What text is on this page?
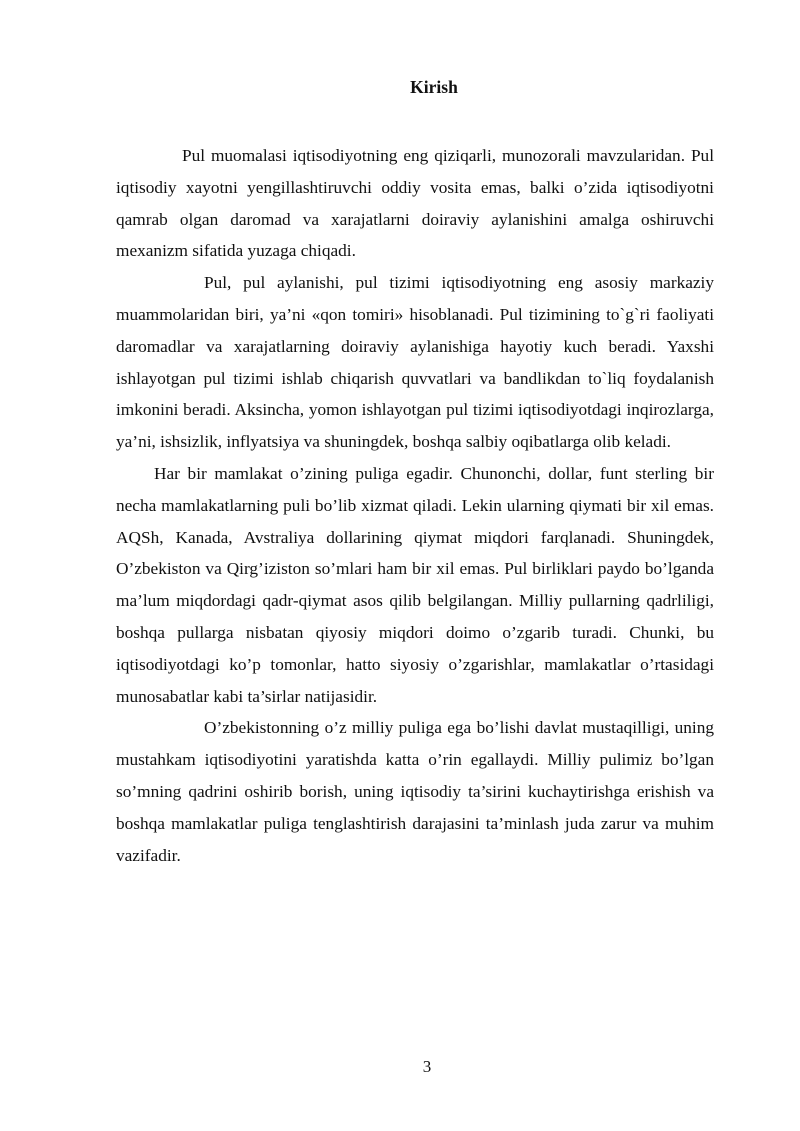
Kirish

Pul muomalasi iqtisodiyotning eng qiziqarli, munozorali mavzularidan. Pul iqtisodiy xayotni yengillashtiruvchi oddiy vosita emas, balki o’zida iqtisodiyotni qamrab olgan daromad va xarajatlarni doiraviy aylanishini amalga oshiruvchi mexanizm sifatida yuzaga chiqadi.

Pul, pul aylanishi, pul tizimi iqtisodiyotning eng asosiy markaziy muammolaridan biri, ya’ni «qon tomiri» hisoblanadi. Pul tizimining to`g`ri faoliyati daromadlar va xarajatlarning doiraviy aylanishiga hayotiy kuch beradi. Yaxshi ishlayotgan pul tizimi ishlab chiqarish quvvatlari va bandlikdan to`liq foydalanish imkonini beradi. Aksincha, yomon ishlayotgan pul tizimi iqtisodiyotdagi inqirozlarga, ya’ni, ishsizlik, inflyatsiya va shuningdek, boshqa salbiy oqibatlarga olib keladi.

Har bir mamlakat o’zining puliga egadir. Chunonchi, dollar, funt sterling bir necha mamlakatlarning puli bo’lib xizmat qiladi. Lekin ularning qiymati bir xil emas. AQSh, Kanada, Avstraliya dollarining qiymat miqdori farqlanadi. Shuningdek, O’zbekiston va Qirg’iziston so’mlari ham bir xil emas. Pul birliklari paydo bo’lganda ma’lum miqdordagi qadr-qiymat asos qilib belgilangan. Milliy pullarning qadrliligi, boshqa pullarga nisbatan qiyosiy miqdori doimo o’zgarib turadi. Chunki, bu iqtisodiyotdagi ko’p tomonlar, hatto siyosiy o’zgarishlar, mamlakatlar o’rtasidagi munosabatlar kabi ta’sirlar natijasidir.

O’zbekistonning o’z milliy puliga ega bo’lishi davlat mustaqilligi, uning mustahkam iqtisodiyotini yaratishda katta o’rin egallaydi. Milliy pulimiz bo’lgan so’mning qadrini oshirib borish, uning iqtisodiy ta’sirini kuchaytirishga erishish va boshqa mamlakatlar puliga tenglashtirish darajasini ta’minlash juda zarur va muhim vazifadir.

3
